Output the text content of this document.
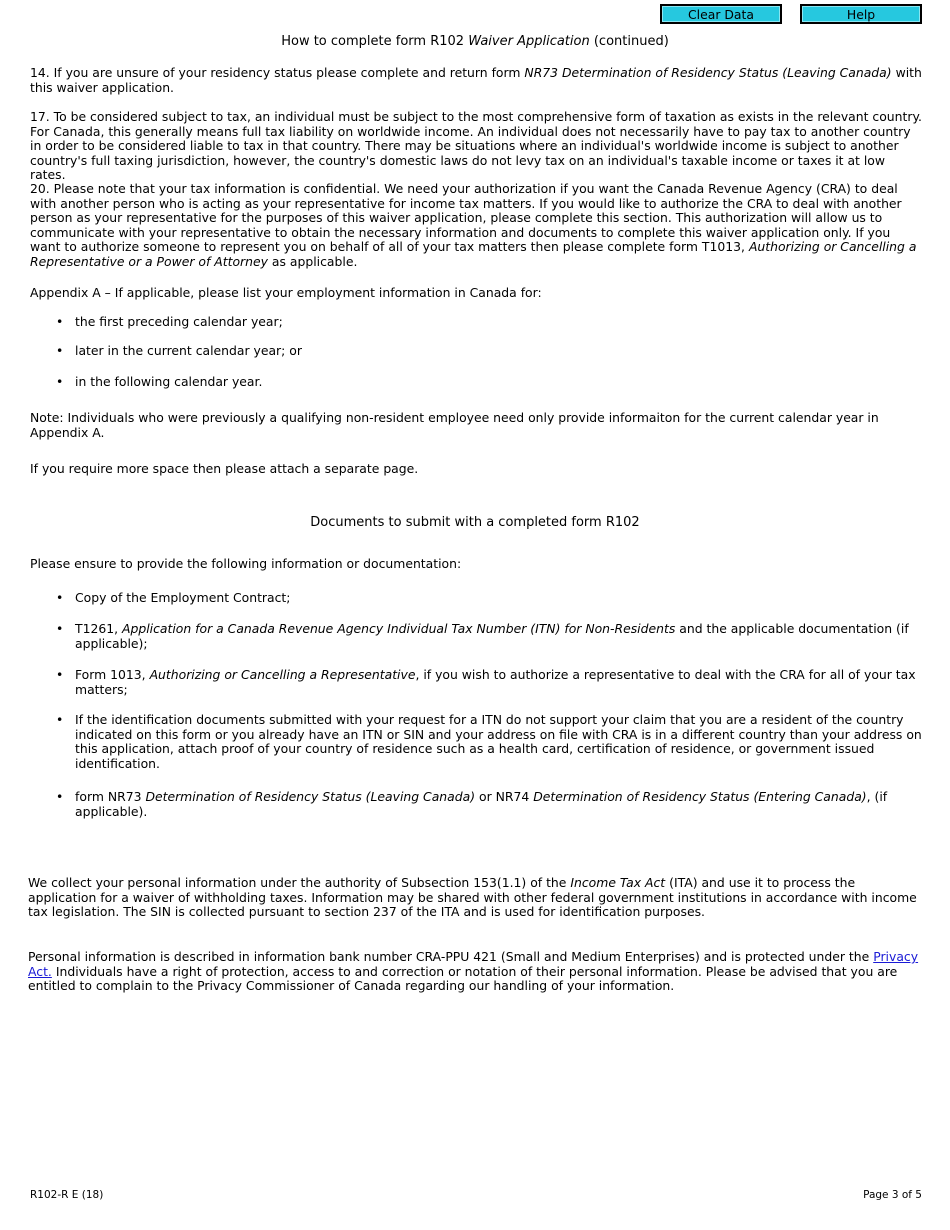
Clear Data	Help
How to complete form R102 Waiver Application (continued)

14. If you are unsure of your residency status please complete and return form NR73 Determination of Residency Status (Leaving Canada) with this waiver application.

17. To be considered subject to tax, an individual must be subject to the most comprehensive form of taxation as exists in the relevant country. For Canada, this generally means full tax liability on worldwide income. An individual does not necessarily have to pay tax to another country in order to be considered liable to tax in that country. There may be situations where an individual's worldwide income is subject to another country's full taxing jurisdiction, however, the country's domestic laws do not levy tax on an individual's taxable income or taxes it at low rates.

20. Please note that your tax information is confidential. We need your authorization if you want the Canada Revenue Agency (CRA) to deal with another person who is acting as your representative for income tax matters. If you would like to authorize the CRA to deal with another person as your representative for the purposes of this waiver application, please complete this section. This authorization will allow us to communicate with your representative to obtain the necessary information and documents to complete this waiver application only. If you want to authorize someone to represent you on behalf of all of your tax matters then please complete form T1013, Authorizing or Cancelling a Representative or a Power of Attorney as applicable.

Appendix A – If applicable, please list your employment information in Canada for:

• the first preceding calendar year;

• later in the current calendar year; or

• in the following calendar year.

Note: Individuals who were previously a qualifying non-resident employee need only provide informaiton for the current calendar year in Appendix A.

If you require more space then please attach a separate page.

Documents to submit with a completed form R102

Please ensure to provide the following information or documentation:

• Copy of the Employment Contract;

• T1261, Application for a Canada Revenue Agency Individual Tax Number (ITN) for Non-Residents and the applicable documentation (if applicable);

• Form 1013, Authorizing or Cancelling a Representative, if you wish to authorize a representative to deal with the CRA for all of your tax matters;

• If the identification documents submitted with your request for a ITN do not support your claim that you are a resident of the country indicated on this form or you already have an ITN or SIN and your address on file with CRA is in a different country than your address on this application, attach proof of your country of residence such as a health card, certification of residence, or government issued identification.

• form NR73 Determination of Residency Status (Leaving Canada) or NR74 Determination of Residency Status (Entering Canada), (if applicable).

We collect your personal information under the authority of Subsection 153(1.1) of the Income Tax Act (ITA) and use it to process the application for a waiver of withholding taxes. Information may be shared with other federal government institutions in accordance with income tax legislation. The SIN is collected pursuant to section 237 of the ITA and is used for identification purposes.

Personal information is described in information bank number CRA-PPU 421 (Small and Medium Enterprises) and is protected under the Privacy Act. Individuals have a right of protection, access to and correction or notation of their personal information. Please be advised that you are entitled to complain to the Privacy Commissioner of Canada regarding our handling of your information.

R102-R E (18)	Page 3 of 5
